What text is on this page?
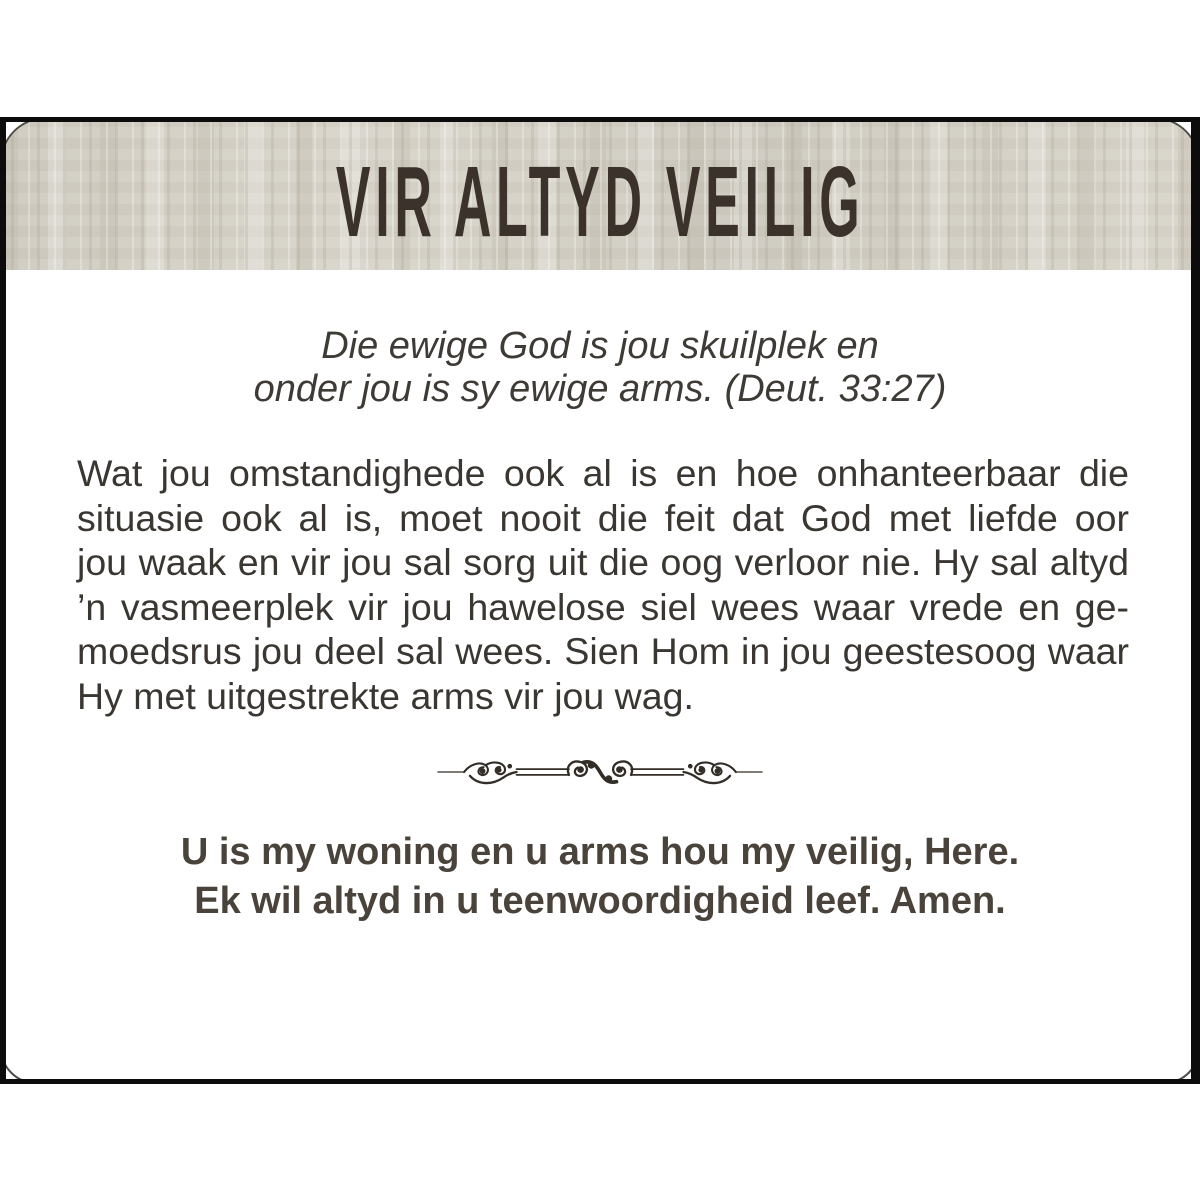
VIR ALTYD VEILIG
Die ewige God is jou skuilplek en
onder jou is sy ewige arms. (Deut. 33:27)
Wat jou omstandighede ook al is en hoe onhanteerbaar die
situasie ook al is, moet nooit die feit dat God met liefde oor
jou waak en vir jou sal sorg uit die oog verloor nie. Hy sal altyd
’n vasmeerplek vir jou hawelose siel wees waar vrede en ge-
moedsrus jou deel sal wees. Sien Hom in jou geestesoog waar
Hy met uitgestrekte arms vir jou wag.
U is my woning en u arms hou my veilig, Here.
Ek wil altyd in u teenwoordigheid leef. Amen.
